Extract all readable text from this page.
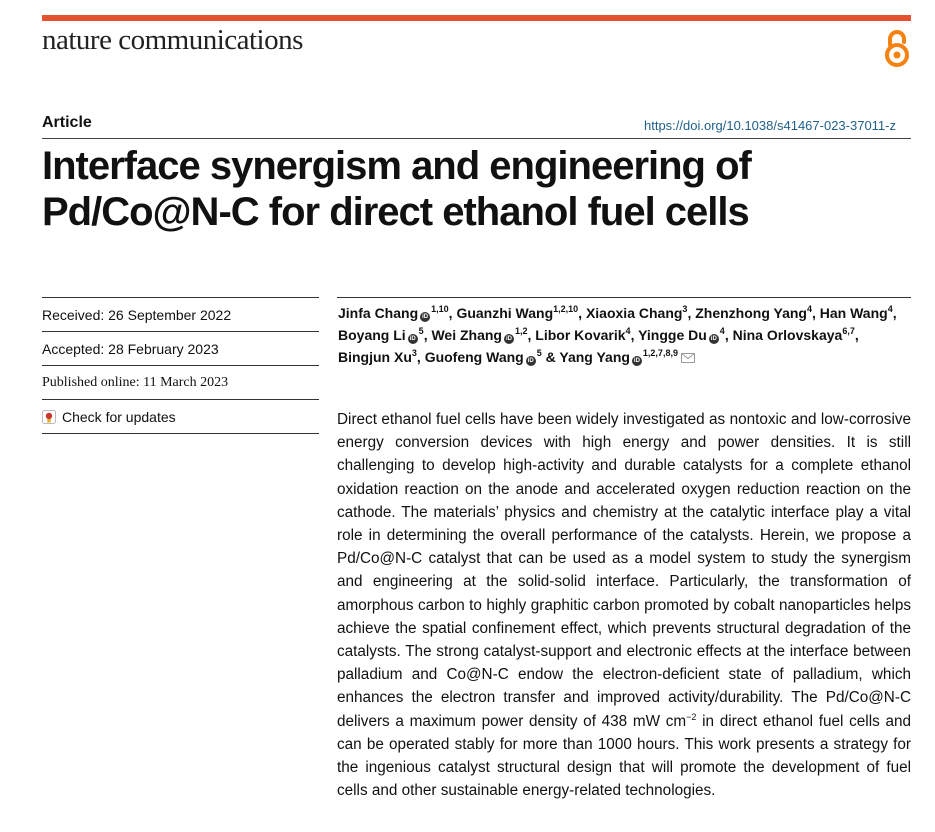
nature communications
Article	https://doi.org/10.1038/s41467-023-37011-z
Interface synergism and engineering of
Pd/Co@N-C for direct ethanol fuel cells
Received: 26 September 2022
Accepted: 28 February 2023
Published online: 11 March 2023
Check for updates
Jinfa Chang iD$^{1,10}$, Guanzhi Wang$^{1,2,10}$, Xiaoxia Chang$^3$, Zhenzhong Yang$^4$, Han Wang$^4$, Boyang Li $iD^5$, Wei Zhang iD$^{1,2}$, Libor Kovarik$^4$, Yingge Du $iD^4$, Nina Orlovskaya$^{6,7}$, Bingjun Xu$^3$, Guofeng Wang $iD^5$ & Yang Yang iD$^{1,2,7,8,9}$

Direct ethanol fuel cells have been widely investigated as nontoxic and low-corrosive energy conversion devices with high energy and power densities. It is still challenging to develop high-activity and durable catalysts for a complete ethanol oxidation reaction on the anode and accelerated oxygen reduction reaction on the cathode. The materials’ physics and chemistry at the catalytic interface play a vital role in determining the overall performance of the catalysts. Herein, we propose a Pd/Co@N-C catalyst that can be used as a model system to study the synergism and engineering at the solid-solid interface. Particularly, the transformation of amorphous carbon to highly graphitic carbon promoted by cobalt nanoparticles helps achieve the spatial confinement effect, which prevents structural degradation of the catalysts. The strong catalyst-support and electronic effects at the interface between palladium and Co@N-C endow the electron-deficient state of palladium, which enhances the electron transfer and improved activity/durability. The Pd/Co@N-C delivers a maximum power density of 438 mW $cm^{-2}$ in direct ethanol fuel cells and can be operated stably for more than 1000 hours. This work presents a strategy for the ingenious catalyst structural design that will promote the development of fuel cells and other sustainable energy-related technologies.
